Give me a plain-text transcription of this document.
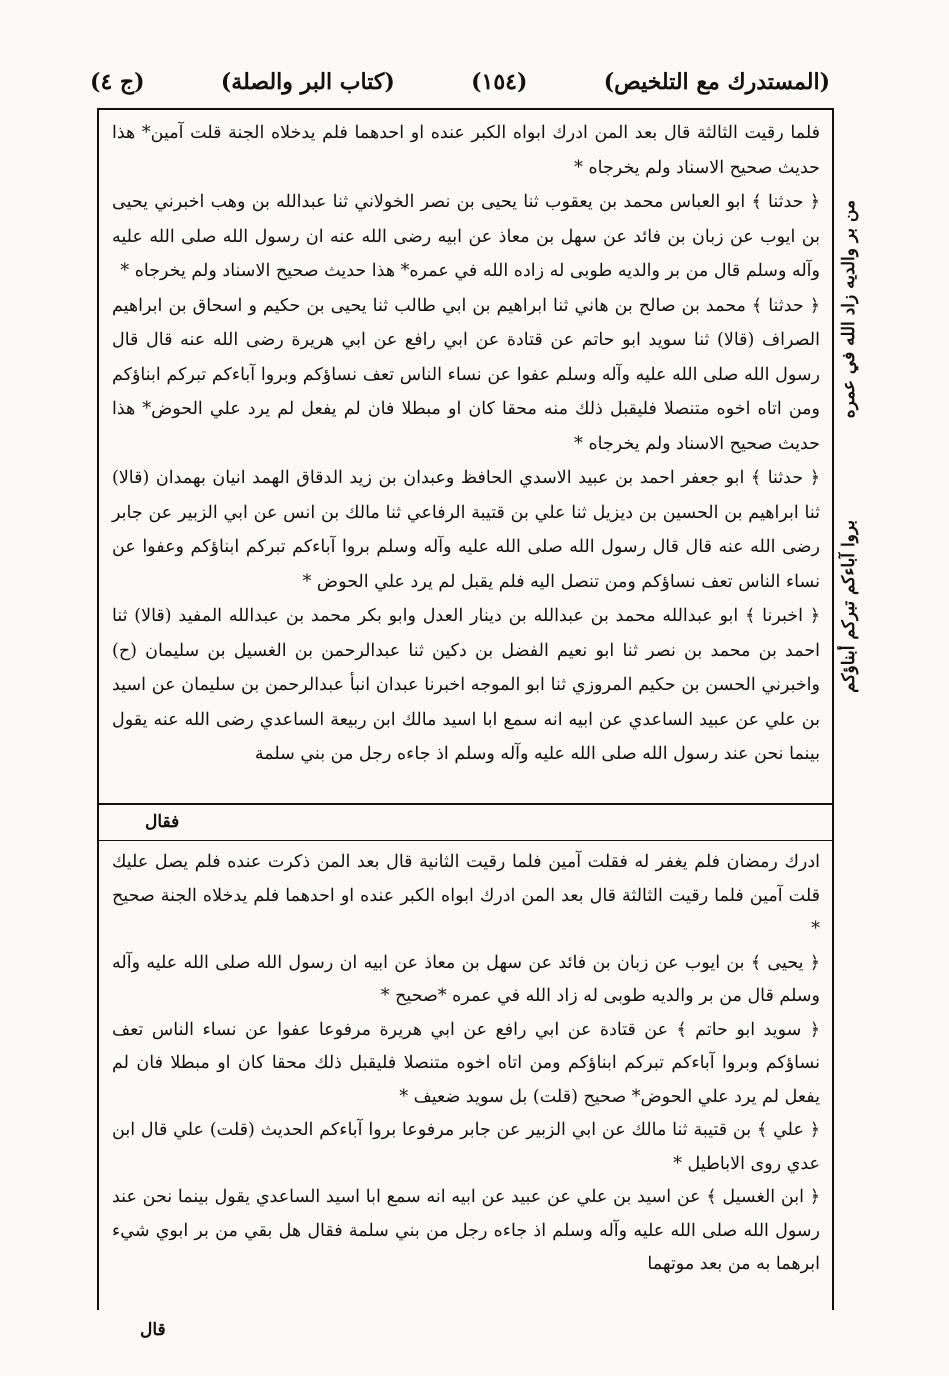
(المستدرك مع التلخيص)
(١٥٤)
(كتاب البر والصلة)
(ج ٤)
من بر والديه زاد الله في عمره
بروا آباءكم تبركم أبناؤكم

فلما رقيت الثالثة قال بعد المن ادرك ابواه الكبر عنده او احدهما فلم يدخلاه الجنة قلت آمين* هذا حديث صحيح الاسناد ولم يخرجاه *

﴿ حدثنا ﴾ ابو العباس محمد بن يعقوب ثنا يحيى بن نصر الخولاني ثنا عبدالله بن وهب اخبرني يحيى بن ايوب عن زبان بن فائد عن سهل بن معاذ عن ابيه رضى الله عنه ان رسول الله صلى الله عليه وآله وسلم قال من بر والديه طوبى له زاده الله في عمره* هذا حديث صحيح الاسناد ولم يخرجاه *

﴿ حدثنا ﴾ محمد بن صالح بن هاني ثنا ابراهيم بن ابي طالب ثنا يحيى بن حكيم و اسحاق بن ابراهيم الصراف (قالا) ثنا سويد ابو حاتم عن قتادة عن ابي رافع عن ابي هريرة رضى الله عنه قال قال رسول الله صلى الله عليه وآله وسلم عفوا عن نساء الناس تعف نساؤكم وبروا آباءكم تبركم ابناؤكم ومن اتاه اخوه متنصلا فليقبل ذلك منه محقا كان او مبطلا فان لم يفعل لم يرد علي الحوض* هذا حديث صحيح الاسناد ولم يخرجاه *

﴿ حدثنا ﴾ ابو جعفر احمد بن عبيد الاسدي الحافظ وعبدان بن زيد الدقاق الهمد انيان بهمدان (قالا) ثنا ابراهيم بن الحسين بن ديزيل ثنا علي بن قتيبة الرفاعي ثنا مالك بن انس عن ابي الزبير عن جابر رضى الله عنه قال قال رسول الله صلى الله عليه وآله وسلم بروا آباءكم تبركم ابناؤكم وعفوا عن نساء الناس تعف نساؤكم ومن تنصل اليه فلم يقبل لم يرد علي الحوض *

﴿ اخبرنا ﴾ ابو عبدالله محمد بن عبدالله بن دينار العدل وابو بكر محمد بن عبدالله المفيد (قالا) ثنا احمد بن محمد بن نصر ثنا ابو نعيم الفضل بن دكين ثنا عبدالرحمن بن الغسيل بن سليمان (ح) واخبرني الحسن بن حكيم المروزي ثنا ابو الموجه اخبرنا عبدان انبأ عبدالرحمن بن سليمان عن اسيد بن علي عن عبيد الساعدي عن ابيه انه سمع ابا اسيد مالك ابن ربيعة الساعدي رضى الله عنه يقول بينما نحن عند رسول الله صلى الله عليه وآله وسلم اذ جاءه رجل من بني سلمة

فقال

ادرك رمضان فلم يغفر له فقلت آمين فلما رقيت الثانية قال بعد المن ذكرت عنده فلم يصل عليك قلت آمين فلما رقيت الثالثة قال بعد المن ادرك ابواه الكبر عنده او احدهما فلم يدخلاه الجنة صحيح *

﴿ يحيى ﴾ بن ايوب عن زبان بن فائد عن سهل بن معاذ عن ابيه ان رسول الله صلى الله عليه وآله وسلم قال من بر والديه طوبى له زاد الله في عمره *صحيح *

﴿ سويد ابو حاتم ﴾ عن قتادة عن ابي رافع عن ابي هريرة مرفوعا عفوا عن نساء الناس تعف نساؤكم وبروا آباءكم تبركم ابناؤكم ومن اتاه اخوه متنصلا فليقبل ذلك محقا كان او مبطلا فان لم يفعل لم يرد علي الحوض* صحيح (قلت) بل سويد ضعيف *

﴿ علي ﴾ بن قتيبة ثنا مالك عن ابي الزبير عن جابر مرفوعا بروا آباءكم الحديث (قلت) علي قال ابن عدي روى الاباطيل *

﴿ ابن الغسيل ﴾ عن اسيد بن علي عن عبيد عن ابيه انه سمع ابا اسيد الساعدي يقول بينما نحن عند رسول الله صلى الله عليه وآله وسلم اذ جاءه رجل من بني سلمة فقال هل بقي من بر ابوي شيء ابرهما به من بعد موتهما

قال
